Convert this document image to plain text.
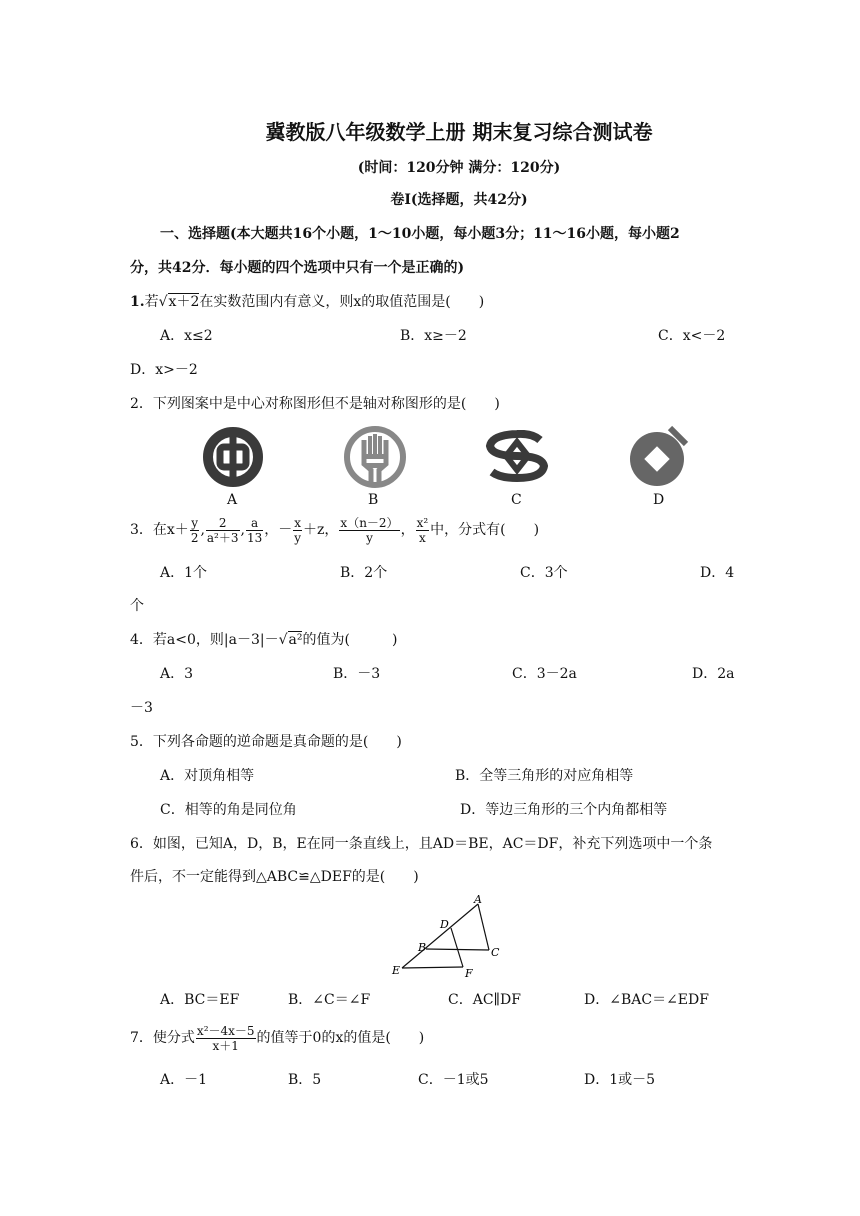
冀教版八年级数学上册 期末复习综合测试卷
(时间：120分钟 满分：120分)
卷Ⅰ(选择题，共42分)
一、选择题(本大题共16个小题，1～10小题，每小题3分；11～16小题，每小题2
分，共42分．每小题的四个选项中只有一个是正确的)
1.若√x＋2在实数范围内有意义，则x的取值范围是(　　)
A．x≤2	B．x≥－2	C．x<－2
D．x>－2
2．下列图案中是中心对称图形但不是轴对称图形的是(　　)
A	B	C	D
3．在$x+ \frac{y}{2}$ , $\frac{2}{\text{a²＋3}}$ , $\frac{a}{13}$ ，－ $\frac{x}{y} +z$， $\frac{x(n-2)}{y}$ ， $\frac{\text{x²}}{x}$ 中，分式有(　　)
A．1个	B．2个	C．3个	D．4
个
4．若a<0，则|a－3|－√a²的值为(　　　)
A．3	B．－3	C．3－2a	D．2a
－3
5．下列各命题的逆命题是真命题的是(　　)
A．对顶角相等	B．全等三角形的对应角相等
C．相等的角是同位角	D．等边三角形的三个内角都相等
6．如图，已知A，D，B，E在同一条直线上，且AD＝BE，AC＝DF，补充下列选项中一个条
件后，不一定能得到△ABC≌△DEF的是(　　)
A
D
B	C
E	F
A．BC＝EF	B．∠C＝∠F	C．AC∥DF	D．∠BAC＝∠EDF
7．使分式 $\frac{\text{x²－4x－5}}{x+1}$ 的值等于0的x的值是(　　)
A．－1	B．5	C．－1或5	D．1或－5
